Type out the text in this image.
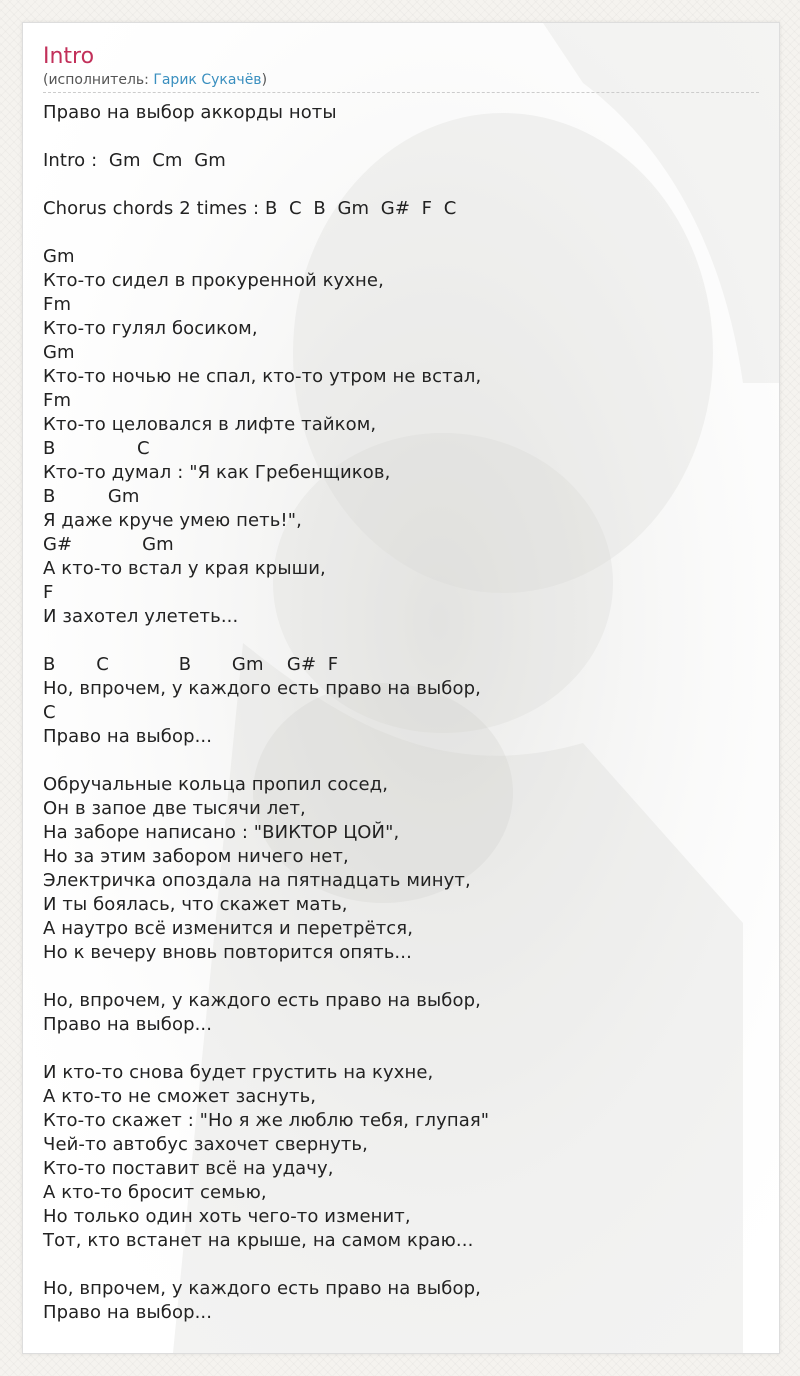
Intro

(исполнитель: Гарик Сукачёв)

Право на выбор аккорды ноты

Intro :  Gm  Cm  Gm

Chorus chords 2 times : B  C  B  Gm  G#  F  C

Gm
Кто-то сидел в прокуренной кухне,
Fm
Кто-то гулял босиком,
Gm
Кто-то ночью не спал, кто-то утром не встал,
Fm
Кто-то целовался в лифте тайком,
B              C
Кто-то думал : "Я как Гребенщиков,
B         Gm
Я даже круче умею петь!",
G#            Gm
А кто-то встал у края крыши,
F
И захотел улететь...

B       C            B       Gm    G#  F
Но, впрочем, у каждого есть право на выбор,
C
Право на выбор...

Обручальные кольца пропил сосед,
Он в запое две тысячи лет,
На заборе написано : "ВИКТОР ЦОЙ",
Но за этим забором ничего нет,
Электричка опоздала на пятнадцать минут,
И ты боялась, что скажет мать,
А наутро всё изменится и перетрётся,
Но к вечеру вновь повторится опять...

Но, впрочем, у каждого есть право на выбор,
Право на выбор...

И кто-то снова будет грустить на кухне,
А кто-то не сможет заснуть,
Кто-то скажет : "Но я же люблю тебя, глупая"
Чей-то автобус захочет свернуть,
Кто-то поставит всё на удачу,
А кто-то бросит семью,
Но только один хоть чего-то изменит,
Тот, кто встанет на крыше, на самом краю...

Но, впрочем, у каждого есть право на выбор,
Право на выбор...
